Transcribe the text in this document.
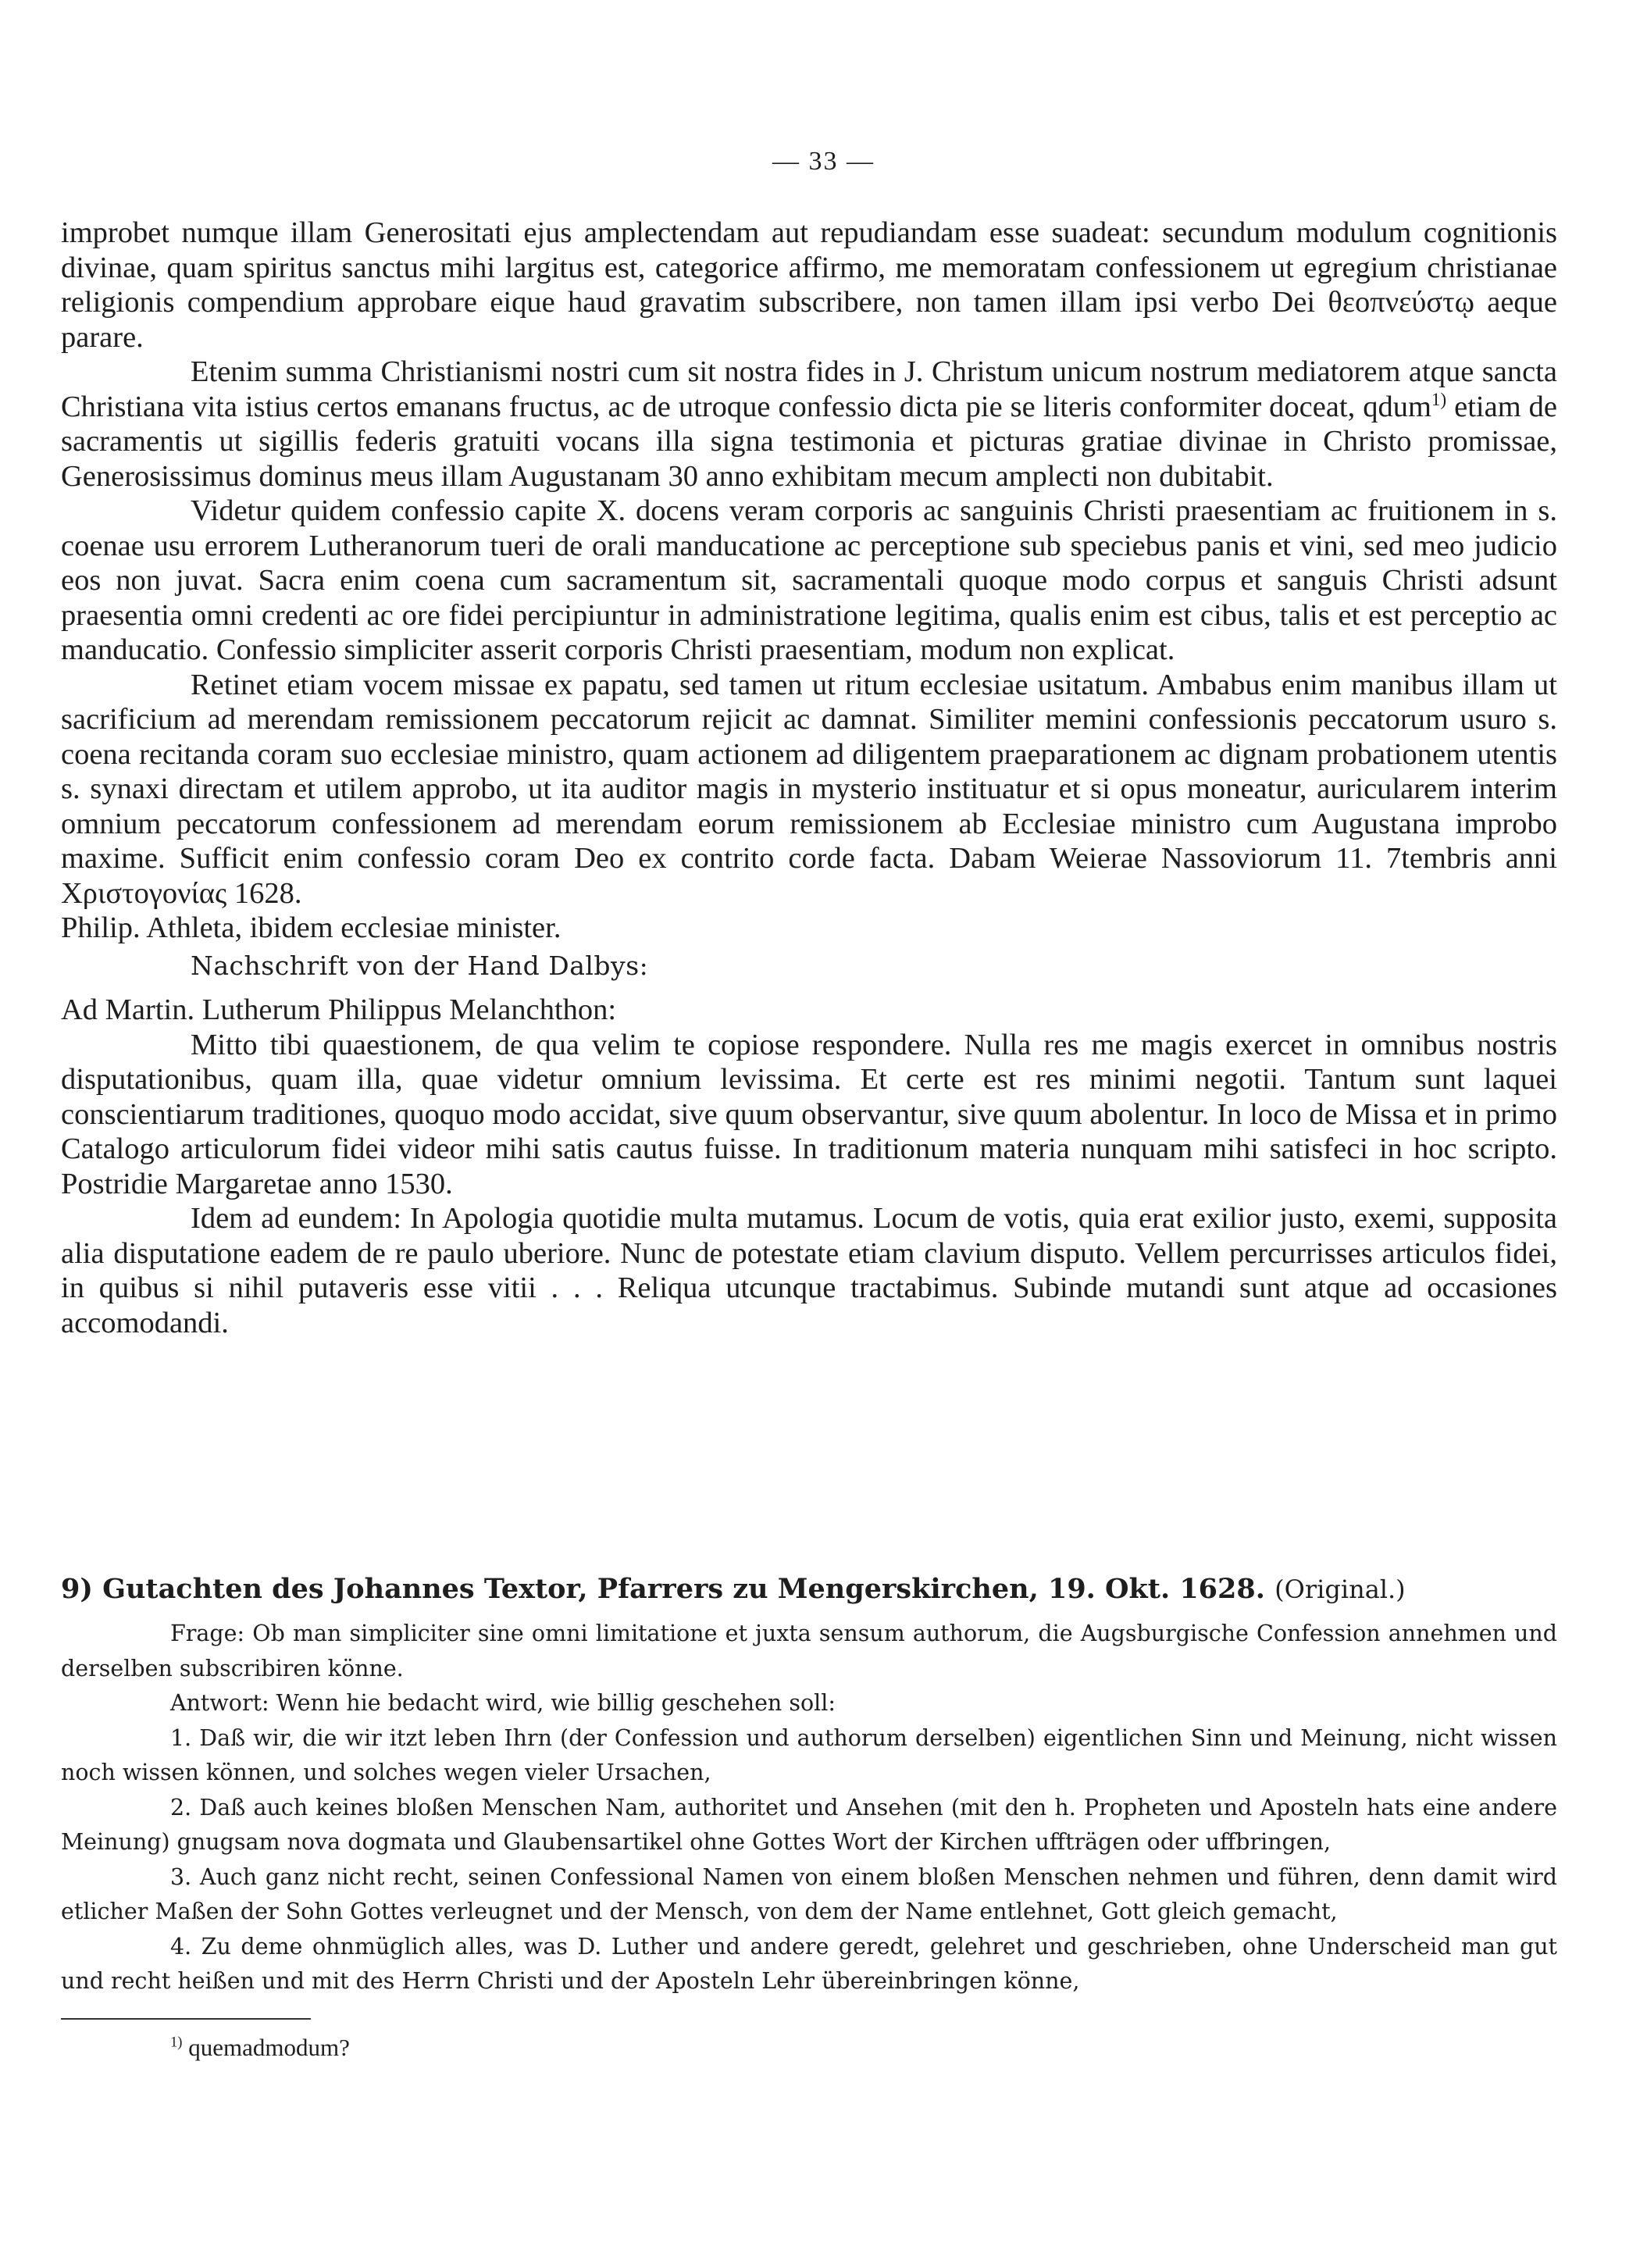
— 33 —

improbet numque illam Generositati ejus amplectendam aut repudiandam esse suadeat: secundum modulum cognitionis divinae, quam spiritus sanctus mihi largitus est, categorice affirmo, me memoratam confessionem ut egregium christianae religionis compendium approbare eique haud gravatim subscribere, non tamen illam ipsi verbo Dei θεοπνεύστῳ aeque parare.

Etenim summa Christianismi nostri cum sit nostra fides in J. Christum unicum nostrum mediatorem atque sancta Christiana vita istius certos emanans fructus, ac de utroque confessio dicta pie se literis conformiter doceat, qdum$^{1)}$ etiam de sacramentis ut sigillis federis gratuiti vocans illa signa testimonia et picturas gratiae divinae in Christo promissae, Generosissimus dominus meus illam Augustanam 30 anno exhibitam mecum amplecti non dubitabit.

Videtur quidem confessio capite X. docens veram corporis ac sanguinis Christi praesentiam ac fruitionem in s. coenae usu errorem Lutheranorum tueri de orali manducatione ac perceptione sub speciebus panis et vini, sed meo judicio eos non juvat. Sacra enim coena cum sacramentum sit, sacramentali quoque modo corpus et sanguis Christi adsunt praesentia omni credenti ac ore fidei percipiuntur in administratione legitima, qualis enim est cibus, talis et est perceptio ac manducatio. Confessio simpliciter asserit corporis Christi praesentiam, modum non explicat.

Retinet etiam vocem missae ex papatu, sed tamen ut ritum ecclesiae usitatum. Ambabus enim manibus illam ut sacrificium ad merendam remissionem peccatorum rejicit ac damnat. Similiter memini confessionis peccatorum usuro s. coena recitanda coram suo ecclesiae ministro, quam actionem ad diligentem praeparationem ac dignam probationem utentis s. synaxi directam et utilem approbo, ut ita auditor magis in mysterio instituatur et si opus moneatur, auricularem interim omnium peccatorum confessionem ad merendam eorum remissionem ab Ecclesiae ministro cum Augustana improbo maxime. Sufficit enim confessio coram Deo ex contrito corde facta. Dabam Weierae Nassoviorum 11. 7tembris anni Χριστογονίας 1628.

Philip. Athleta, ibidem ecclesiae minister.

Nachschrift von der Hand Dalbys:

Ad Martin. Lutherum Philippus Melanchthon:

Mitto tibi quaestionem, de qua velim te copiose respondere. Nulla res me magis exercet in omnibus nostris disputationibus, quam illa, quae videtur omnium levissima. Et certe est res minimi negotii. Tantum sunt laquei conscientiarum traditiones, quoquo modo accidat, sive quum observantur, sive quum abolentur. In loco de Missa et in primo Catalogo articulorum fidei videor mihi satis cautus fuisse. In traditionum materia nunquam mihi satisfeci in hoc scripto. Postridie Margaretae anno 1530.

Idem ad eundem: In Apologia quotidie multa mutamus. Locum de votis, quia erat exilior justo, exemi, supposita alia disputatione eadem de re paulo uberiore. Nunc de potestate etiam clavium disputo. Vellem percurrisses articulos fidei, in quibus si nihil putaveris esse vitii . . . Reliqua utcunque tractabimus. Subinde mutandi sunt atque ad occasiones accomodandi.

9) Gutachten des Johannes Textor, Pfarrers zu Mengerskirchen, 19. Okt. 1628. (Original.)

Frage: Ob man simpliciter sine omni limitatione et juxta sensum authorum, die Augsburgische Confession annehmen und derselben subscribiren könne.

Antwort: Wenn hie bedacht wird, wie billig geschehen soll:

1. Daß wir, die wir itzt leben Ihrn (der Confession und authorum derselben) eigentlichen Sinn und Meinung, nicht wissen noch wissen können, und solches wegen vieler Ursachen,

2. Daß auch keines bloßen Menschen Nam, authoritet und Ansehen (mit den h. Propheten und Aposteln hats eine andere Meinung) gnugsam nova dogmata und Glaubensartikel ohne Gottes Wort der Kirchen uffträgen oder uffbringen,

3. Auch ganz nicht recht, seinen Confessional Namen von einem bloßen Menschen nehmen und führen, denn damit wird etlicher Maßen der Sohn Gottes verleugnet und der Mensch, von dem der Name entlehnet, Gott gleich gemacht,

4. Zu deme ohnmüglich alles, was D. Luther und andere geredt, gelehret und geschrieben, ohne Underscheid man gut und recht heißen und mit des Herrn Christi und der Aposteln Lehr übereinbringen könne,

$^{1)}$ quemadmodum?
